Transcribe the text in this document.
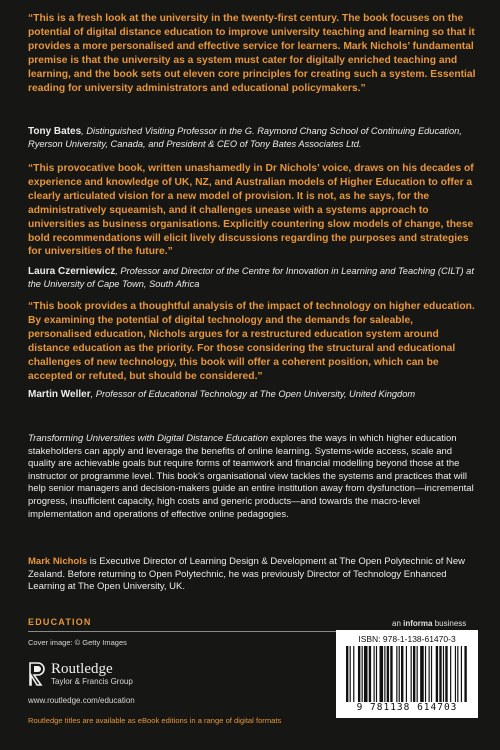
“This is a fresh look at the university in the twenty-first century. The book focuses on the potential of digital distance education to improve university teaching and learning so that it provides a more personalised and effective service for learners. Mark Nichols’ fundamental premise is that the university as a system must cater for digitally enriched teaching and learning, and the book sets out eleven core principles for creating such a system. Essential reading for university administrators and educational policymakers.”
Tony Bates, Distinguished Visiting Professor in the G. Raymond Chang School of Continuing Education, Ryerson University, Canada, and President & CEO of Tony Bates Associates Ltd.
“This provocative book, written unashamedly in Dr Nichols’ voice, draws on his decades of experience and knowledge of UK, NZ, and Australian models of Higher Education to offer a clearly articulated vision for a new model of provision. It is not, as he says, for the administratively squeamish, and it challenges unease with a systems approach to universities as business organisations. Explicitly countering slow models of change, these bold recommendations will elicit lively discussions regarding the purposes and strategies for universities of the future.”
Laura Czerniewicz, Professor and Director of the Centre for Innovation in Learning and Teaching (CILT) at the University of Cape Town, South Africa
“This book provides a thoughtful analysis of the impact of technology on higher education. By examining the potential of digital technology and the demands for saleable, personalised education, Nichols argues for a restructured education system around distance education as the priority. For those considering the structural and educational challenges of new technology, this book will offer a coherent position, which can be accepted or refuted, but should be considered.”
Martin Weller, Professor of Educational Technology at The Open University, United Kingdom
Transforming Universities with Digital Distance Education explores the ways in which higher education stakeholders can apply and leverage the benefits of online learning. Systems-wide access, scale and quality are achievable goals but require forms of teamwork and financial modelling beyond those at the instructor or programme level. This book’s organisational view tackles the systems and practices that will help senior managers and decision-makers guide an entire institution away from dysfunction—incremental progress, insufficient capacity, high costs and generic products—and towards the macro-level implementation and operations of effective online pedagogies.
Mark Nichols is Executive Director of Learning Design & Development at The Open Polytechnic of New Zealand. Before returning to Open Polytechnic, he was previously Director of Technology Enhanced Learning at The Open University, UK.
EDUCATION	an informa business
Cover image: © Getty Images
Routledge
Taylor & Francis Group
www.routledge.com/education
Routledge titles are available as eBook editions in a range of digital formats
ISBN: 978-1-138-61470-3
9 781138 614703
